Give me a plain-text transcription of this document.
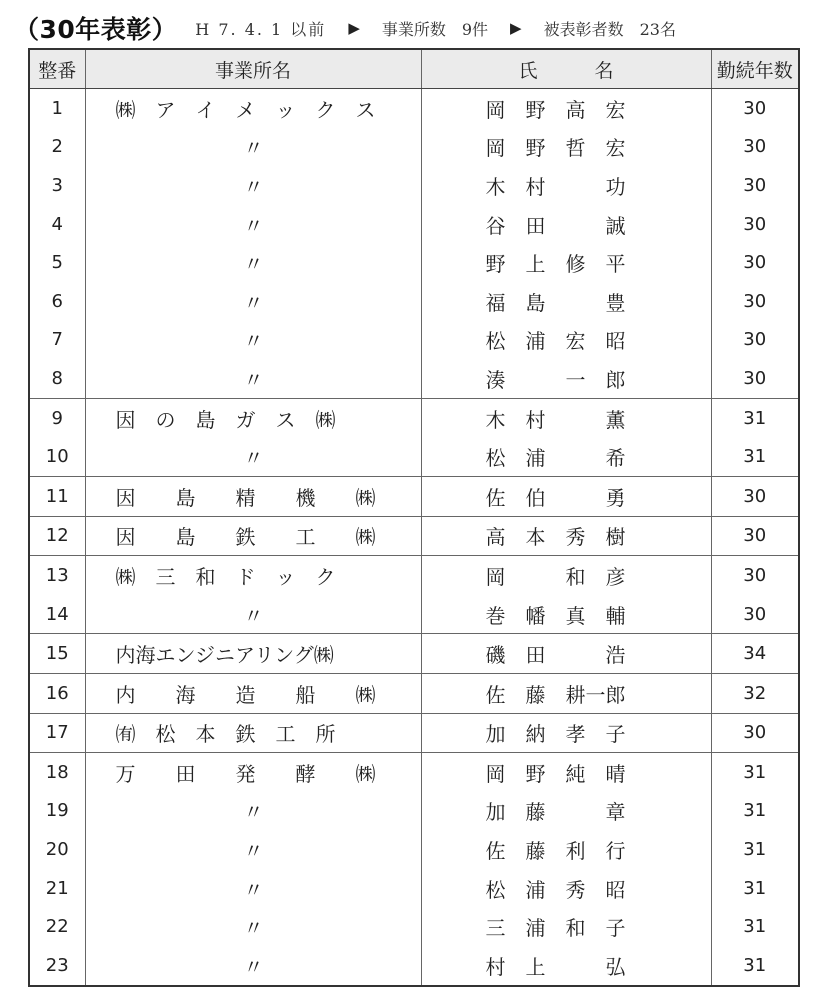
（30年表彰） H 7. 4. 1 以前 ▶ 事業所数　9件 ▶ 被表彰者数　23名
整番	事業所名	氏　　　名	勤続年数
1	㈱　ア　イ　メ　ッ　ク　ス	岡　野　高　宏	30
2	〃	岡　野　哲　宏	30
3	〃	木　村　　　功	30
4	〃	谷　田　　　誠	30
5	〃	野　上　修　平	30
6	〃	福　島　　　豊	30
7	〃	松　浦　宏　昭	30
8	〃	湊　　　一　郎	30
9	因　の　島　ガ　ス　㈱	木　村　　　薫	31
10	〃	松　浦　　　希	31
11	因　　島　　精　　機　　㈱	佐　伯　　　勇	30
12	因　　島　　鉄　　工　　㈱	高　本　秀　樹	30
13	㈱　三　和　ド　ッ　ク	岡　　　和　彦	30
14	〃	巻　幡　真　輔	30
15	内海エンジニアリング㈱	磯　田　　　浩	34
16	内　　海　　造　　船　　㈱	佐　藤　耕一郎	32
17	㈲　松　本　鉄　工　所	加　納　孝　子	30
18	万　　田　　発　　酵　　㈱	岡　野　純　晴	31
19	〃	加　藤　　　章	31
20	〃	佐　藤　利　行	31
21	〃	松　浦　秀　昭	31
22	〃	三　浦　和　子	31
23	〃	村　上　　　弘	31
